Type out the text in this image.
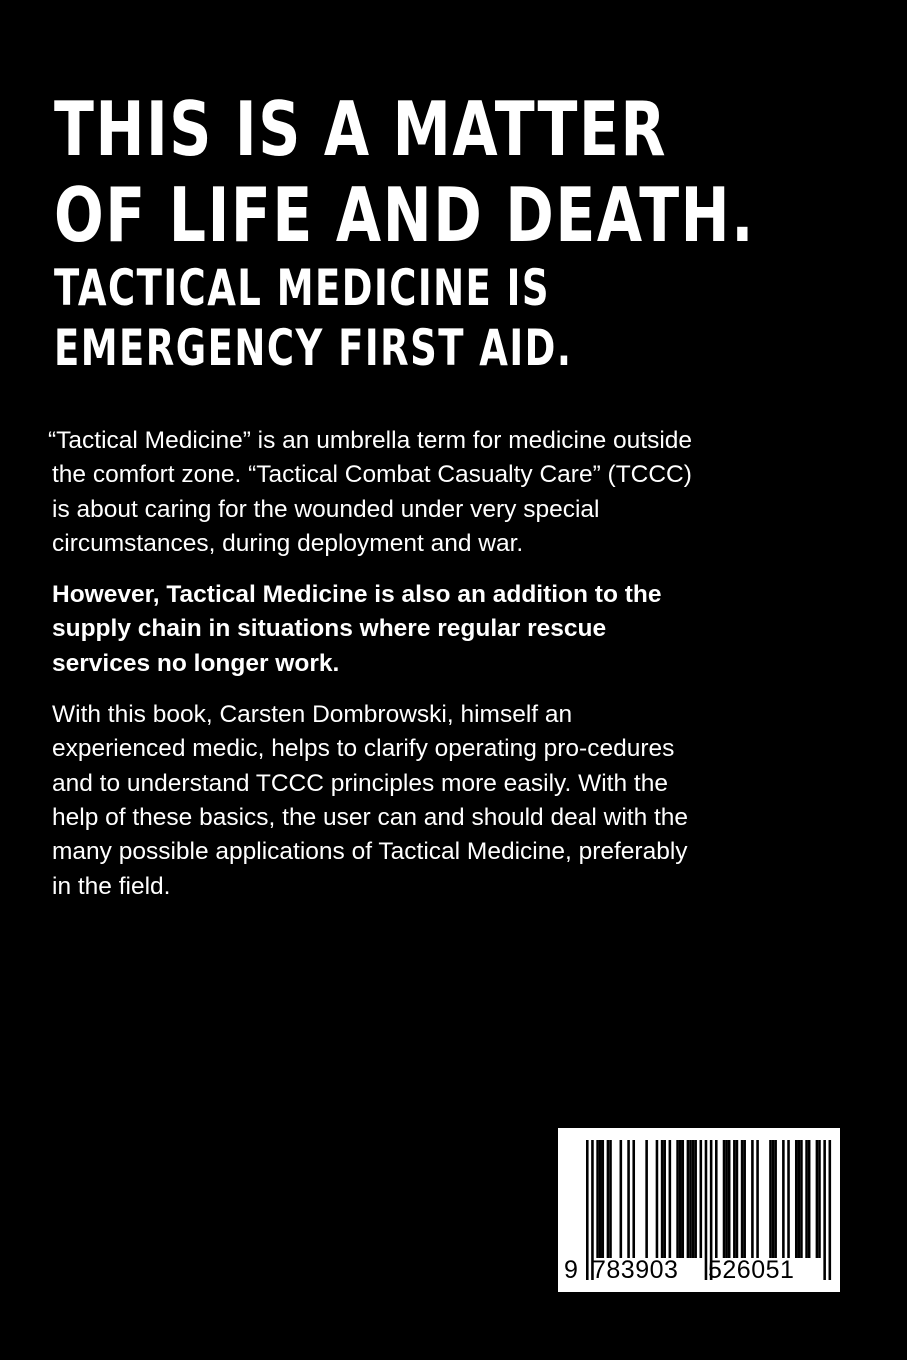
THIS IS A MATTER
OF LIFE AND DEATH.
TACTICAL MEDICINE IS
EMERGENCY FIRST AID.

“Tactical Medicine” is an umbrella term for medicine outside the comfort zone. “Tactical Combat Casualty Care” (TCCC) is about caring for the wounded under very special circumstances, during deployment and war.

However, Tactical Medicine is also an addition to the supply chain in situations where regular rescue services no longer work.

With this book, Carsten Dombrowski, himself an experienced medic, helps to clarify operating pro-cedures and to understand TCCC principles more easily. With the help of these basics, the user can and should deal with the many possible applications of Tactical Medicine, preferably in the field.

9 783903 526051
